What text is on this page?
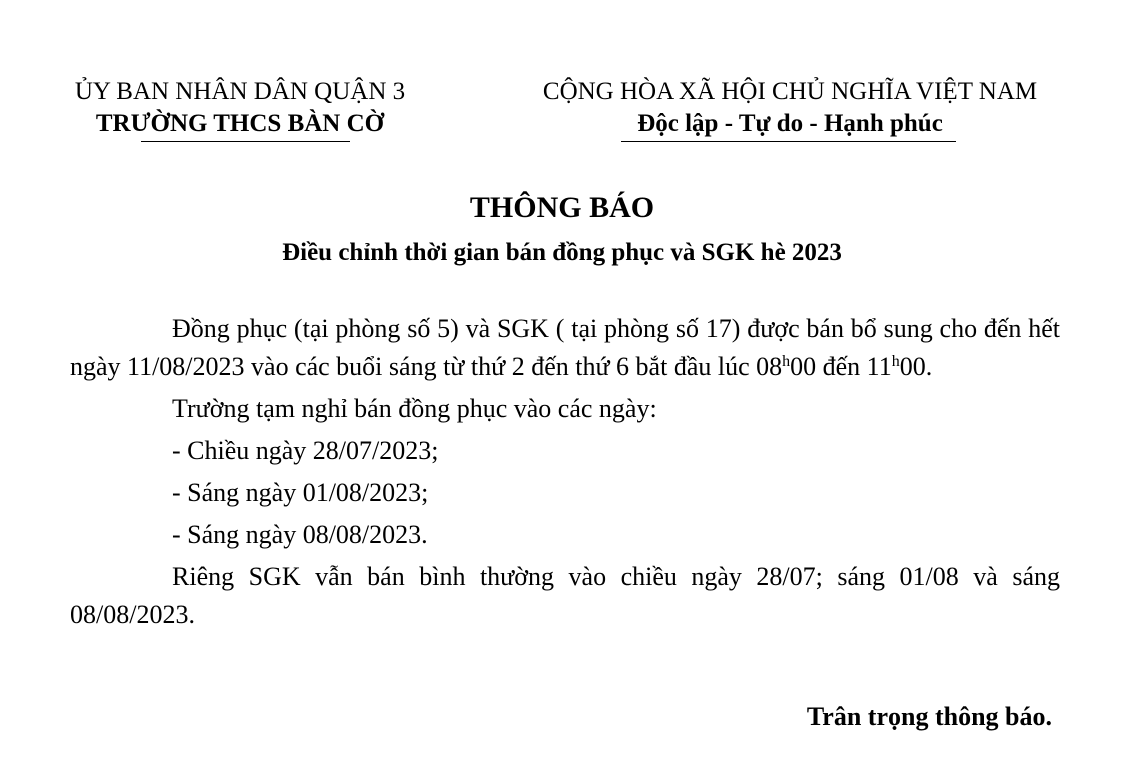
ỦY BAN NHÂN DÂN QUẬN 3
TRƯỜNG THCS BÀN CỜ
CỘNG HÒA XÃ HỘI CHỦ NGHĨA VIỆT NAM
Độc lập - Tự do - Hạnh phúc
THÔNG BÁO
Điều chỉnh thời gian bán đồng phục và SGK hè 2023

Đồng phục (tại phòng số 5) và SGK ( tại phòng số 17) được bán bổ sung cho đến hết ngày 11/08/2023 vào các buổi sáng từ thứ 2 đến thứ 6 bắt đầu lúc 08$^h$00 đến 11$^h$00.

Trường tạm nghỉ bán đồng phục vào các ngày:

- Chiều ngày 28/07/2023;

- Sáng ngày 01/08/2023;

- Sáng ngày 08/08/2023.

Riêng SGK vẫn bán bình thường vào chiều ngày 28/07; sáng 01/08 và sáng 08/08/2023.

Trân trọng thông báo.
